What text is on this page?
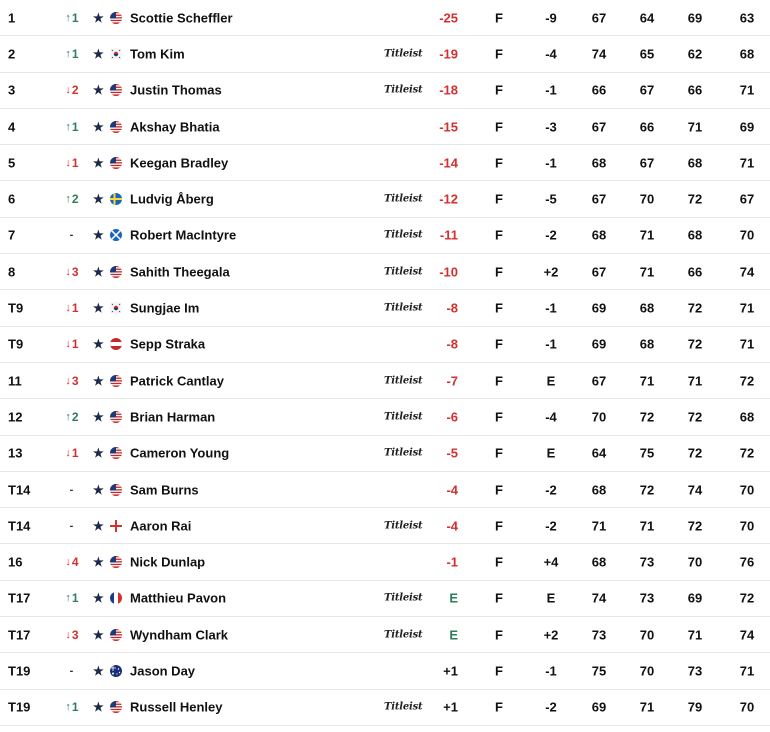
1	↑ 1 ★ Scottie Scheffler	-25	F	-9	67	64	69	63
2	↑ 1 ★ Tom Kim	Titleist	-19	F	-4	74	65	62	68
3	↓ 2 ★ Justin Thomas	Titleist	-18	F	-1	66	67	66	71
4	↑ 1 ★ Akshay Bhatia	-15	F	-3	67	66	71	69
5	↓ 1 ★ Keegan Bradley	-14	F	-1	68	67	68	71
6	↑ 2 ★ Ludvig Åberg	Titleist	-12	F	-5	67	70	72	67
7	- ★ Robert MacIntyre	Titleist	-11	F	-2	68	71	68	70
8	↓ 3 ★ Sahith Theegala	Titleist	-10	F	+2	67	71	66	74
T9	↓ 1 ★ Sungjae Im	Titleist	-8	F	-1	69	68	72	71
T9	↓ 1 ★ Sepp Straka	-8	F	-1	69	68	72	71
11	↓ 3 ★ Patrick Cantlay	Titleist	-7	F	E	67	71	71	72
12	↑ 2 ★ Brian Harman	Titleist	-6	F	-4	70	72	72	68
13	↓ 1 ★ Cameron Young	Titleist	-5	F	E	64	75	72	72
T14	- ★ Sam Burns	-4	F	-2	68	72	74	70
T14	- ★ Aaron Rai	Titleist	-4	F	-2	71	71	72	70
16	↓ 4 ★ Nick Dunlap	-1	F	+4	68	73	70	76
T17	↑ 1 ★ Matthieu Pavon	Titleist	E	F	E	74	73	69	72
T17	↓ 3 ★ Wyndham Clark	Titleist	E	F	+2	73	70	71	74
T19	- ★ Jason Day	+1	F	-1	75	70	73	71
T19	↑ 1 ★ Russell Henley	Titleist	+1	F	-2	69	71	79	70
